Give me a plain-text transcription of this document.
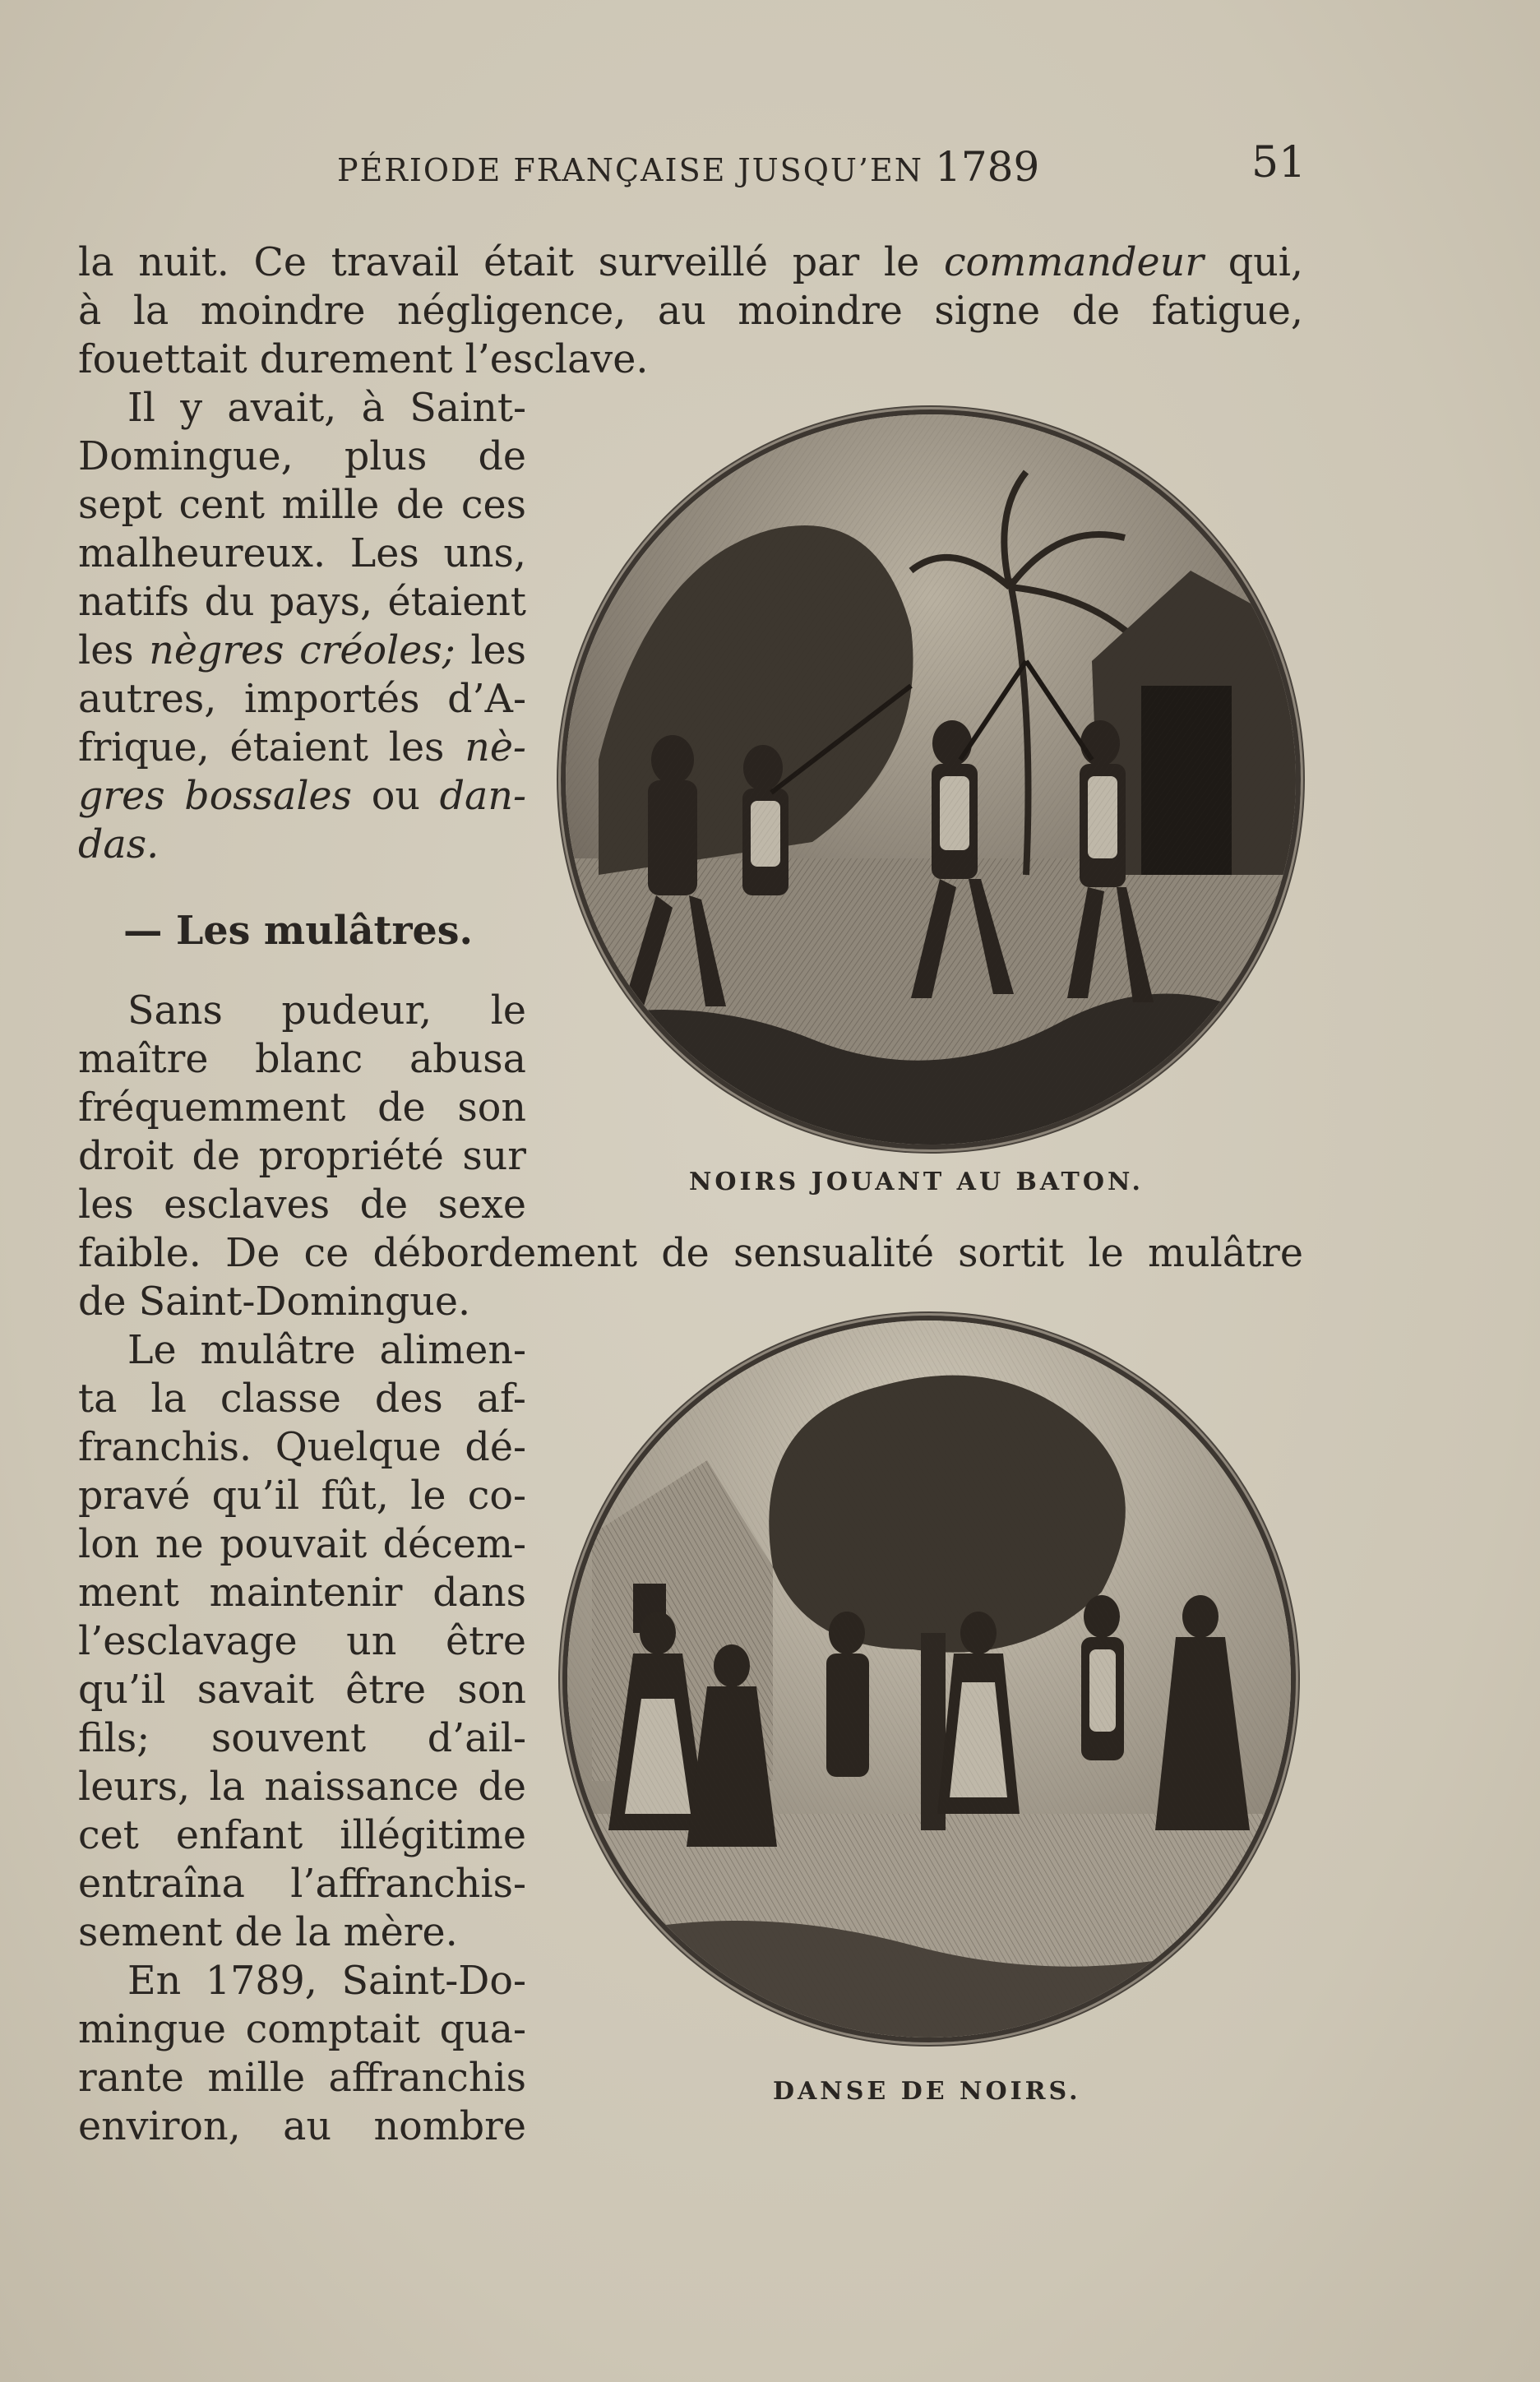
PÉRIODE FRANÇAISE JUSQU’EN 1789	51
la nuit. Ce travail était surveillé par le commandeur qui,
à la moindre négligence, au moindre signe de fatigue,
fouettait durement l’esclave.
Il y avait, à Saint-
Domingue, plus de
sept cent mille de ces
malheureux. Les uns,
natifs du pays, étaient
les nègres créoles; les
autres, importés d’A-
frique, étaient les nè-
gres bossales ou dan-
das.
— Les mulâtres.
Sans pudeur, le
maître blanc abusa
fréquemment de son
droit de propriété sur
les esclaves de sexe
faible. De ce débordement de sensualité sortit le mulâtre
de Saint-Domingue.
Le mulâtre alimen-
ta la classe des af-
franchis. Quelque dé-
pravé qu’il fût, le co-
lon ne pouvait décem-
ment maintenir dans
l’esclavage un être
qu’il savait être son
fils; souvent d’ail-
leurs, la naissance de
cet enfant illégitime
entraîna l’affranchis-
sement de la mère.
En 1789, Saint-Do-
mingue comptait qua-
rante mille affranchis
environ, au nombre
NOIRS JOUANT AU BATON.
DANSE DE NOIRS.
